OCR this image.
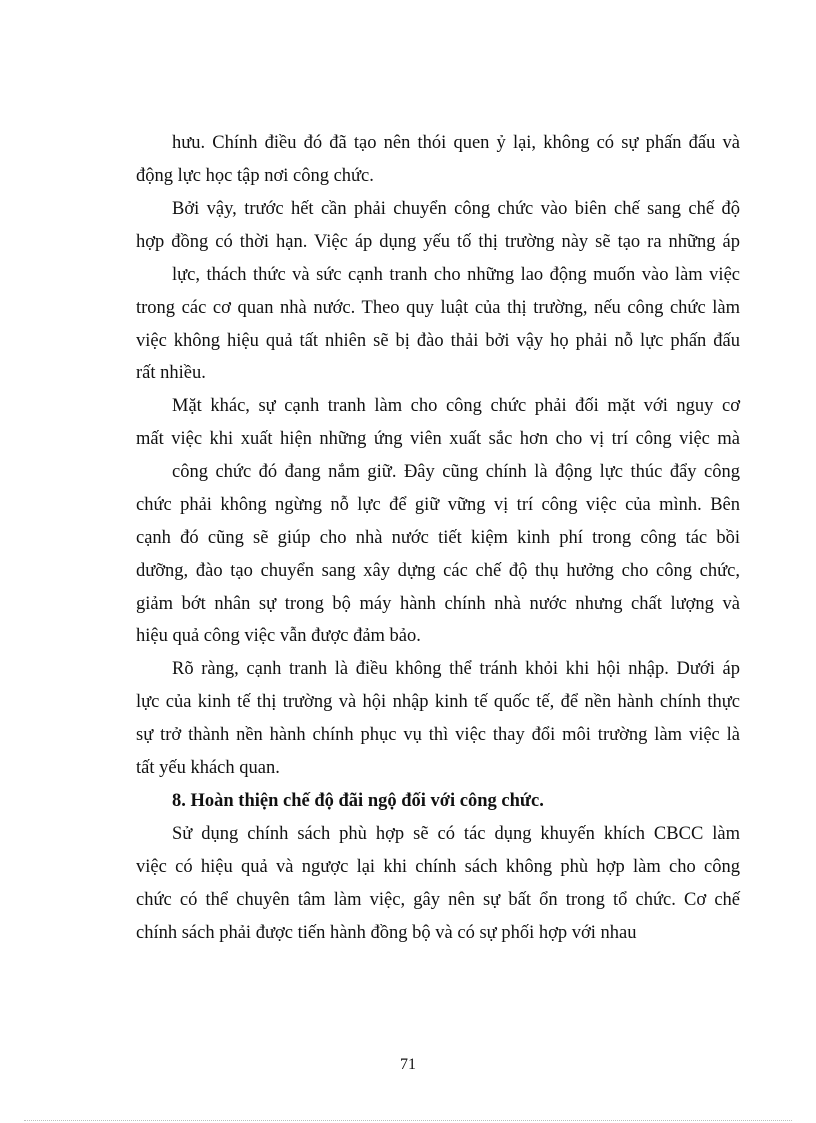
hưu. Chính điều đó đã tạo nên thói quen ỷ lại, không có sự phấn đấu và
động lực học tập nơi công chức.
Bởi vậy, trước hết cần phải chuyển công chức vào biên chế sang chế độ
hợp đồng có thời hạn. Việc áp dụng yếu tố thị trường này sẽ tạo ra những áp
lực, thách thức và sức cạnh tranh cho những lao động muốn vào làm việc
trong các cơ quan nhà nước. Theo quy luật của thị trường, nếu công chức làm
việc không hiệu quả tất nhiên sẽ bị đào thải bởi vậy họ phải nỗ lực phấn đấu
rất nhiều.
Mặt khác, sự cạnh tranh làm cho công chức phải đối mặt với nguy cơ
mất việc khi xuất hiện những ứng viên xuất sắc hơn cho vị trí công việc mà
công chức đó đang nắm giữ. Đây cũng chính là động lực thúc đẩy công
chức phải không ngừng nỗ lực để giữ vững vị trí công việc của mình. Bên
cạnh đó cũng sẽ giúp cho nhà nước tiết kiệm kinh phí trong công tác bồi
dưỡng, đào tạo chuyển sang xây dựng các chế độ thụ hưởng cho công chức,
giảm bớt nhân sự trong bộ máy hành chính nhà nước nhưng chất lượng và
hiệu quả công việc vẫn được đảm bảo.
Rõ ràng, cạnh tranh là điều không thể tránh khỏi khi hội nhập. Dưới áp
lực của kinh tế thị trường và hội nhập kinh tế quốc tế, để nền hành chính thực
sự trở thành nền hành chính phục vụ thì việc thay đổi môi trường làm việc là
tất yếu khách quan.
8. Hoàn thiện chế độ đãi ngộ đối với công chức.
Sử dụng chính sách phù hợp sẽ có tác dụng khuyến khích CBCC làm
việc có hiệu quả và ngược lại khi chính sách không phù hợp làm cho công
chức có thể chuyên tâm làm việc, gây nên sự bất ổn trong tổ chức. Cơ chế
chính sách phải được tiến hành đồng bộ và có sự phối hợp với nhau
71
